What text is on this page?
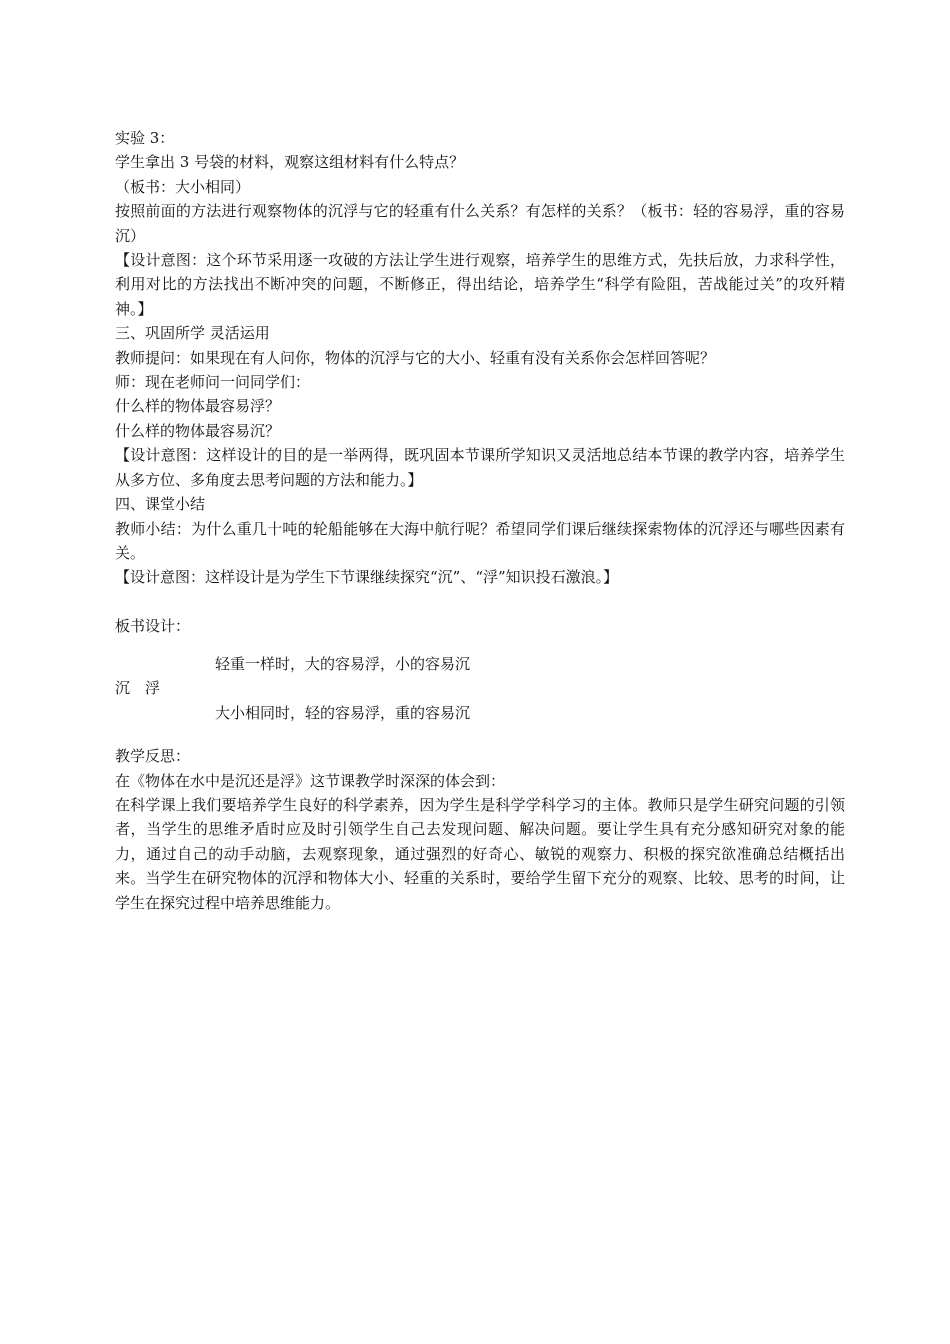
实验 3：
学生拿出 3 号袋的材料，观察这组材料有什么特点？
（板书：大小相同）
按照前面的方法进行观察物体的沉浮与它的轻重有什么关系？有怎样的关系？（板书：轻的容易浮，重的容易沉）
【设计意图：这个环节采用逐一攻破的方法让学生进行观察，培养学生的思维方式，先扶后放，力求科学性，利用对比的方法找出不断冲突的问题，不断修正，得出结论，培养学生“科学有险阻，苦战能过关”的攻歼精神。】
三、巩固所学 灵活运用
教师提问：如果现在有人问你，物体的沉浮与它的大小、轻重有没有关系你会怎样回答呢？
师：现在老师问一问同学们：
什么样的物体最容易浮？
什么样的物体最容易沉？
【设计意图：这样设计的目的是一举两得，既巩固本节课所学知识又灵活地总结本节课的教学内容，培养学生从多方位、多角度去思考问题的方法和能力。】
四、课堂小结
教师小结：为什么重几十吨的轮船能够在大海中航行呢？希望同学们课后继续探索物体的沉浮还与哪些因素有关。
【设计意图：这样设计是为学生下节课继续探究“沉”、“浮”知识投石激浪。】
板书设计：
轻重一样时，大的容易浮，小的容易沉
沉　浮
大小相同时，轻的容易浮，重的容易沉
教学反思：
在《物体在水中是沉还是浮》这节课教学时深深的体会到：
在科学课上我们要培养学生良好的科学素养，因为学生是科学学科学习的主体。教师只是学生研究问题的引领者，当学生的思维矛盾时应及时引领学生自己去发现问题、解决问题。要让学生具有充分感知研究对象的能力，通过自己的动手动脑，去观察现象，通过强烈的好奇心、敏锐的观察力、积极的探究欲准确总结概括出来。当学生在研究物体的沉浮和物体大小、轻重的关系时，要给学生留下充分的观察、比较、思考的时间，让学生在探究过程中培养思维能力。
